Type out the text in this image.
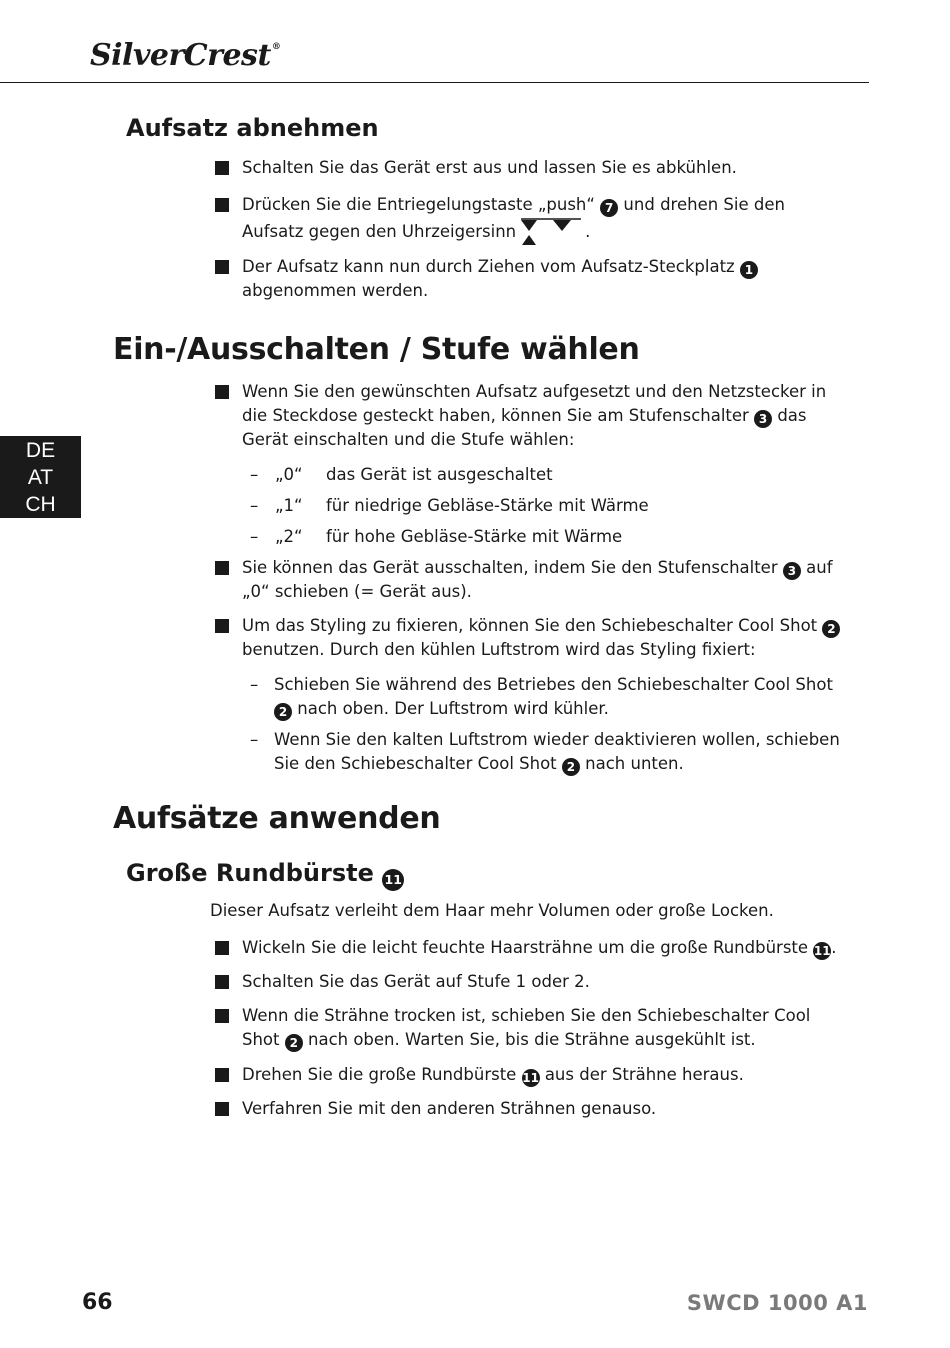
SilverCrest®
DE
AT
CH
Aufsatz abnehmen
Schalten Sie das Gerät erst aus und lassen Sie es abkühlen.
Drücken Sie die Entriegelungstaste „push“ 7 und drehen Sie den Aufsatz gegen den Uhrzeigersinn	.
Der Aufsatz kann nun durch Ziehen vom Aufsatz-Steckplatz 1 abgenommen werden.
Ein-/Ausschalten / Stufe wählen
Wenn Sie den gewünschten Aufsatz aufgesetzt und den Netzstecker in die Steckdose gesteckt haben, können Sie am Stufenschalter 3 das Gerät einschalten und die Stufe wählen:
– „0“ das Gerät ist ausgeschaltet
– „1“ für niedrige Gebläse-Stärke mit Wärme
– „2“ für hohe Gebläse-Stärke mit Wärme
Sie können das Gerät ausschalten, indem Sie den Stufenschalter 3 auf „0“ schieben (= Gerät aus).
Um das Styling zu fixieren, können Sie den Schiebeschalter Cool Shot 2 benutzen. Durch den kühlen Luftstrom wird das Styling fixiert:
– Schieben Sie während des Betriebes den Schiebeschalter Cool Shot 2 nach oben. Der Luftstrom wird kühler.
– Wenn Sie den kalten Luftstrom wieder deaktivieren wollen, schieben Sie den Schiebeschalter Cool Shot 2 nach unten.
Aufsätze anwenden
Große Rundbürste 11

Dieser Aufsatz verleiht dem Haar mehr Volumen oder große Locken.

Wickeln Sie die leicht feuchte Haarsträhne um die große Rundbürste 11.
Schalten Sie das Gerät auf Stufe 1 oder 2.
Wenn die Strähne trocken ist, schieben Sie den Schiebeschalter Cool Shot 2 nach oben. Warten Sie, bis die Strähne ausgekühlt ist.
Drehen Sie die große Rundbürste 11 aus der Strähne heraus.
Verfahren Sie mit den anderen Strähnen genauso.
66	SWCD 1000 A1
